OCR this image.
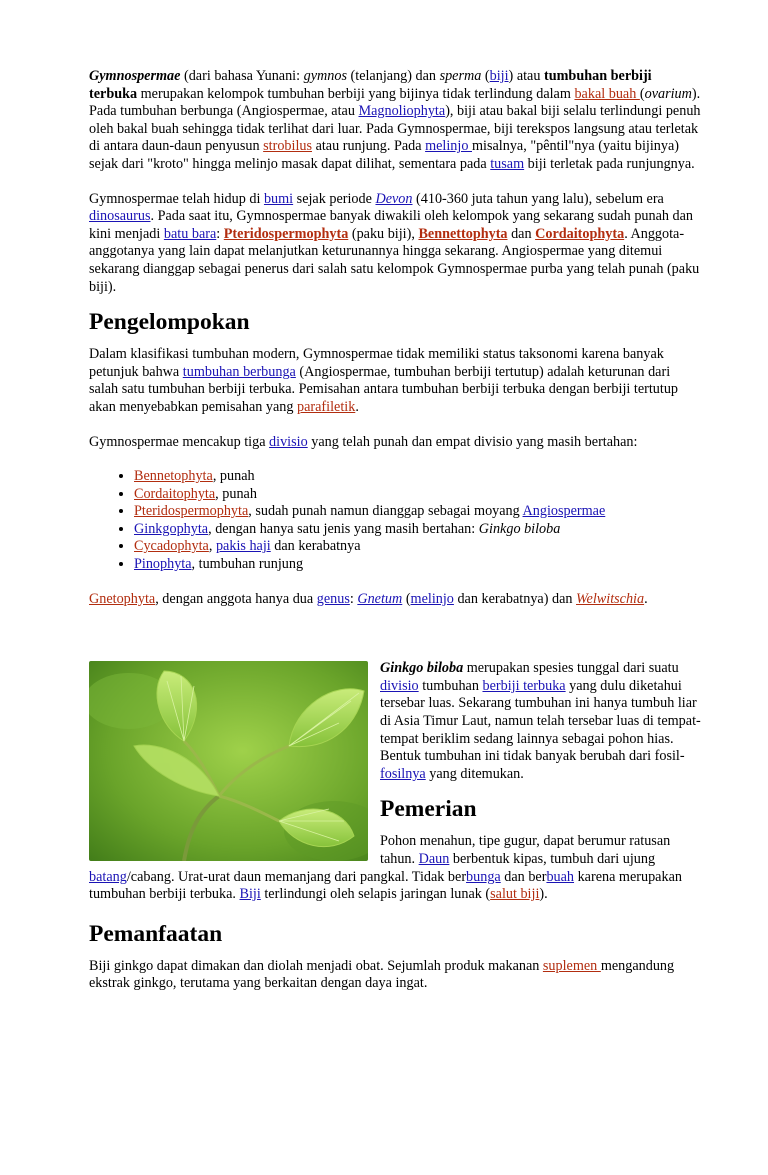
Gymnospermae (dari bahasa Yunani: gymnos (telanjang) dan sperma (biji) atau tumbuhan berbiji terbuka merupakan kelompok tumbuhan berbiji yang bijinya tidak terlindung dalam bakal buah (ovarium). Pada tumbuhan berbunga (Angiospermae, atau Magnoliophyta), biji atau bakal biji selalu terlindungi penuh oleh bakal buah sehingga tidak terlihat dari luar. Pada Gymnospermae, biji terekspos langsung atau terletak di antara daun-daun penyusun strobilus atau runjung. Pada melinjo misalnya, "pêntil"nya (yaitu bijinya) sejak dari "kroto" hingga melinjo masak dapat dilihat, sementara pada tusam biji terletak pada runjungnya.

Gymnospermae telah hidup di bumi sejak periode Devon (410-360 juta tahun yang lalu), sebelum era dinosaurus. Pada saat itu, Gymnospermae banyak diwakili oleh kelompok yang sekarang sudah punah dan kini menjadi batu bara: Pteridospermophyta (paku biji), Bennettophyta dan Cordaitophyta. Anggota-anggotanya yang lain dapat melanjutkan keturunannya hingga sekarang. Angiospermae yang ditemui sekarang dianggap sebagai penerus dari salah satu kelompok Gymnospermae purba yang telah punah (paku biji).

Pengelompokan

Dalam klasifikasi tumbuhan modern, Gymnospermae tidak memiliki status taksonomi karena banyak petunjuk bahwa tumbuhan berbunga (Angiospermae, tumbuhan berbiji tertutup) adalah keturunan dari salah satu tumbuhan berbiji terbuka. Pemisahan antara tumbuhan berbiji terbuka dengan berbiji tertutup akan menyebabkan pemisahan yang parafiletik.

Gymnospermae mencakup tiga divisio yang telah punah dan empat divisio yang masih bertahan:

• Bennetophyta, punah
• Cordaitophyta, punah
• Pteridospermophyta, sudah punah namun dianggap sebagai moyang Angiospermae
• Ginkgophyta, dengan hanya satu jenis yang masih bertahan: Ginkgo biloba
• Cycadophyta, pakis haji dan kerabatnya
• Pinophyta, tumbuhan runjung

Gnetophyta, dengan anggota hanya dua genus: Gnetum (melinjo dan kerabatnya) dan Welwitschia.

Ginkgo biloba merupakan spesies tunggal dari suatu divisio tumbuhan berbiji terbuka yang dulu diketahui tersebar luas. Sekarang tumbuhan ini hanya tumbuh liar di Asia Timur Laut, namun telah tersebar luas di tempat-tempat beriklim sedang lainnya sebagai pohon hias. Bentuk tumbuhan ini tidak banyak berubah dari fosil-fosilnya yang ditemukan.

Pemerian

Pohon menahun, tipe gugur, dapat berumur ratusan tahun. Daun berbentuk kipas, tumbuh dari ujung batang/cabang. Urat-urat daun memanjang dari pangkal. Tidak berbunga dan berbuah karena merupakan tumbuhan berbiji terbuka. Biji terlindungi oleh selapis jaringan lunak (salut biji).

Pemanfaatan

Biji ginkgo dapat dimakan dan diolah menjadi obat. Sejumlah produk makanan suplemen mengandung ekstrak ginkgo, terutama yang berkaitan dengan daya ingat.
